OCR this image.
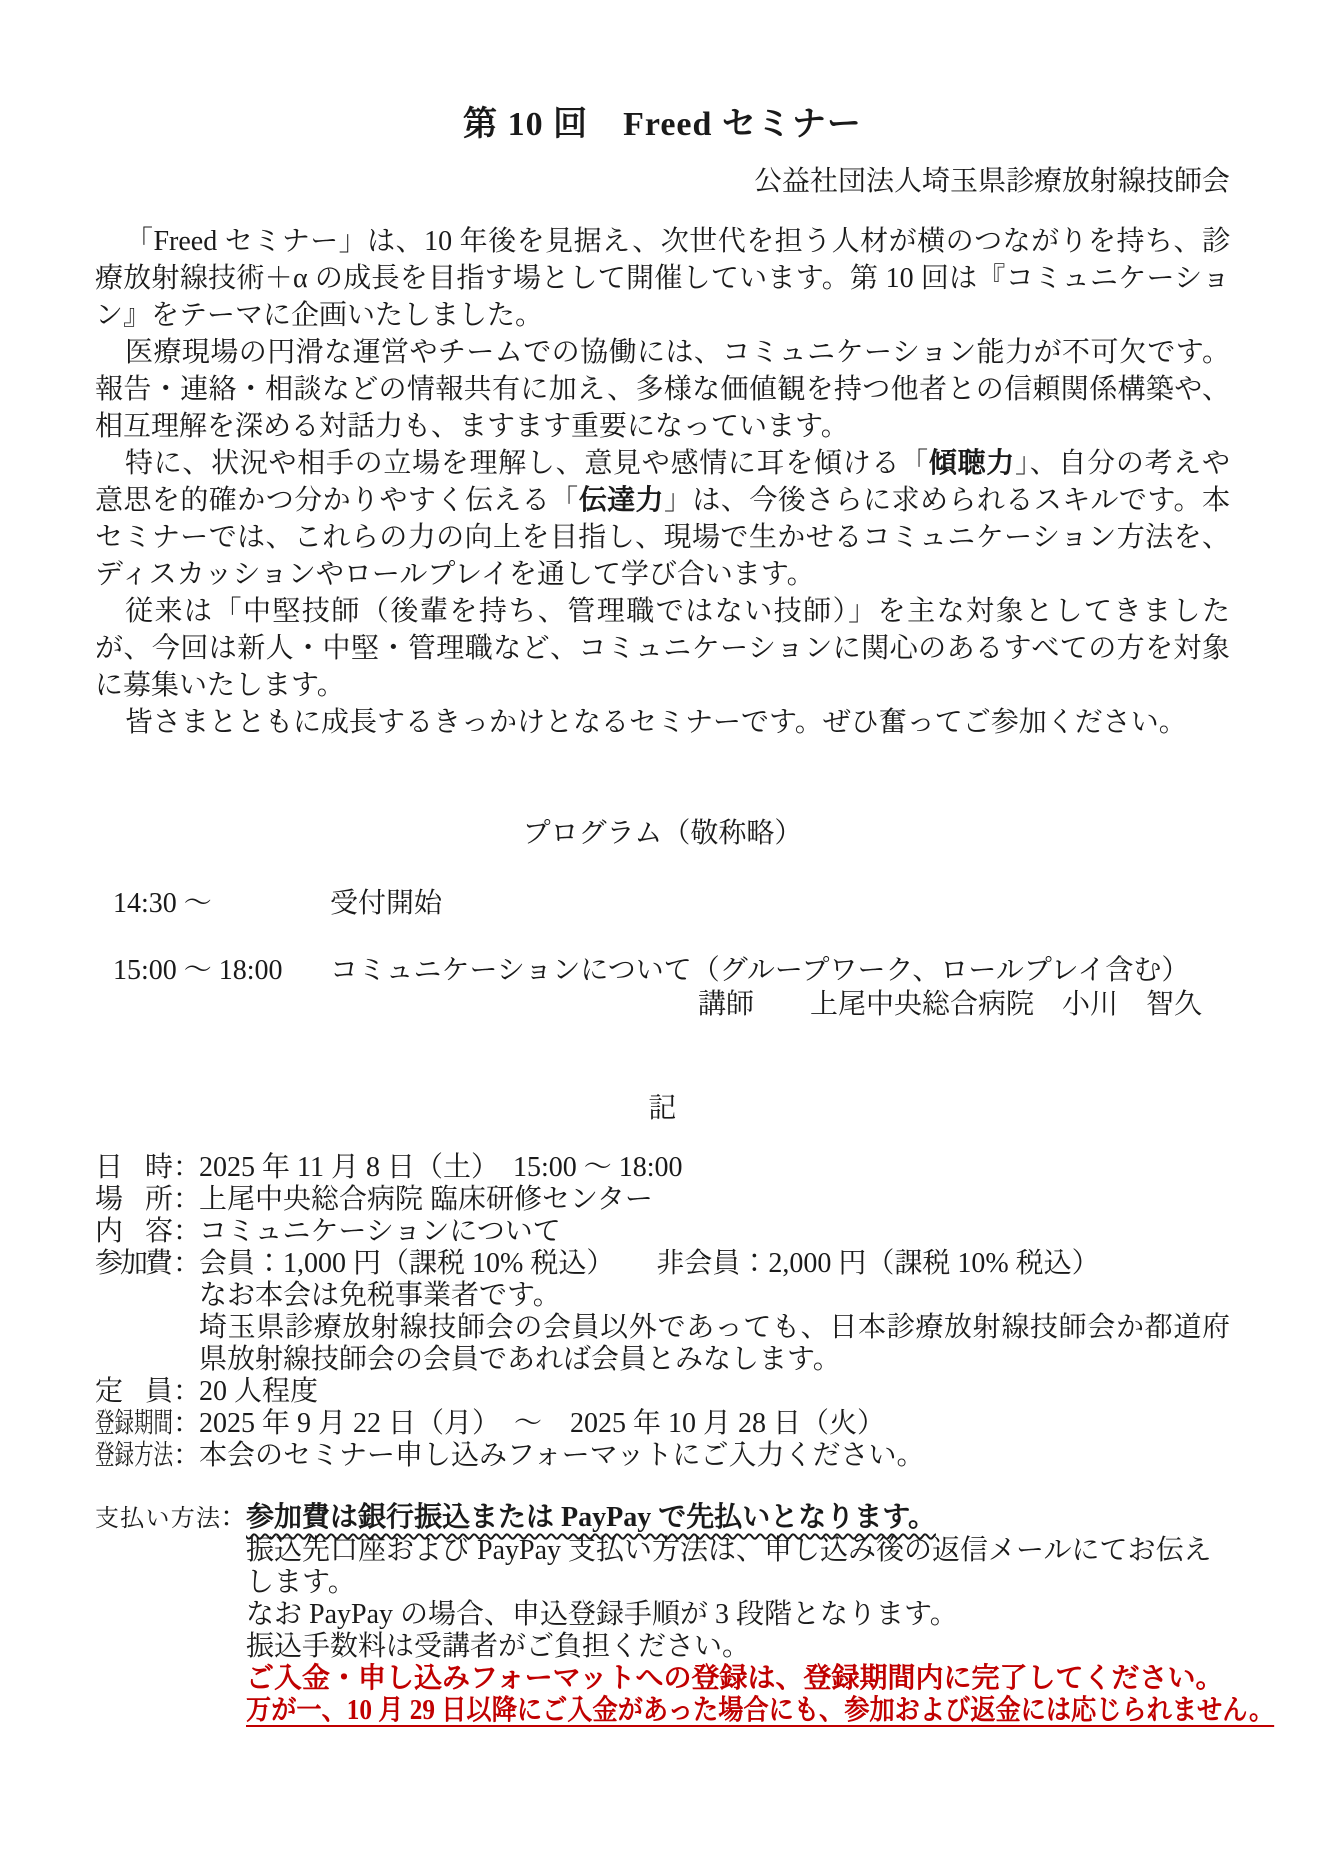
第 10 回　Freed セミナー
公益社団法人埼玉県診療放射線技師会

「Freed セミナー」は、10 年後を見据え、次世代を担う人材が横のつながりを持ち、診療放射線技術＋α の成長を目指す場として開催しています。第 10 回は『コミュニケーション』をテーマに企画いたしました。

医療現場の円滑な運営やチームでの協働には、コミュニケーション能力が不可欠です。報告・連絡・相談などの情報共有に加え、多様な価値観を持つ他者との信頼関係構築や、相互理解を深める対話力も、ますます重要になっています。

特に、状況や相手の立場を理解し、意見や感情に耳を傾ける「傾聴力」、自分の考えや意思を的確かつ分かりやすく伝える「伝達力」は、今後さらに求められるスキルです。本セミナーでは、これらの力の向上を目指し、現場で生かせるコミュニケーション方法を、ディスカッションやロールプレイを通して学び合います。

従来は「中堅技師（後輩を持ち、管理職ではない技師）」を主な対象としてきましたが、今回は新人・中堅・管理職など、コミュニケーションに関心のあるすべての方を対象に募集いたします。

皆さまとともに成長するきっかけとなるセミナーです。ぜひ奮ってご参加ください。

プログラム（敬称略）
14:30 ～	受付開始
15:00 ～ 18:00	コミュニケーションについて（グループワーク、ロールプレイ含む）
講師　　上尾中央総合病院　小川　智久
記
日時 ：
2025 年 11 月 8 日（土）　15:00 ～ 18:00
場所 ：
上尾中央総合病院 臨床研修センター
内容 ：
コミュニケーションについて
参加費 ：
会員：1,000 円（課税 10% 税込）　　非会員：2,000 円（課税 10% 税込）
なお本会は免税事業者です。
埼玉県診療放射線技師会の会員以外であっても、日本診療放射線技師会か都道府県放射線技師会の会員であれば会員とみなします。
定員 ：
20 人程度
登録期間 ：
2025 年 9 月 22 日（月）　～　2025 年 10 月 28 日（火）
登録方法 ：
本会のセミナー申し込みフォーマットにご入力ください。
支払い方法 ：
参加費は銀行振込または PayPay で先払いとなります。
振込先口座および PayPay 支払い方法は、申し込み後の返信メールにてお伝えします。
なお PayPay の場合、申込登録手順が 3 段階となります。
振込手数料は受講者がご負担ください。
ご入金・申し込みフォーマットへの登録は、登録期間内に完了してください。
万が一、10 月 29 日以降にご入金があった場合にも、参加および返金には応じられません。
